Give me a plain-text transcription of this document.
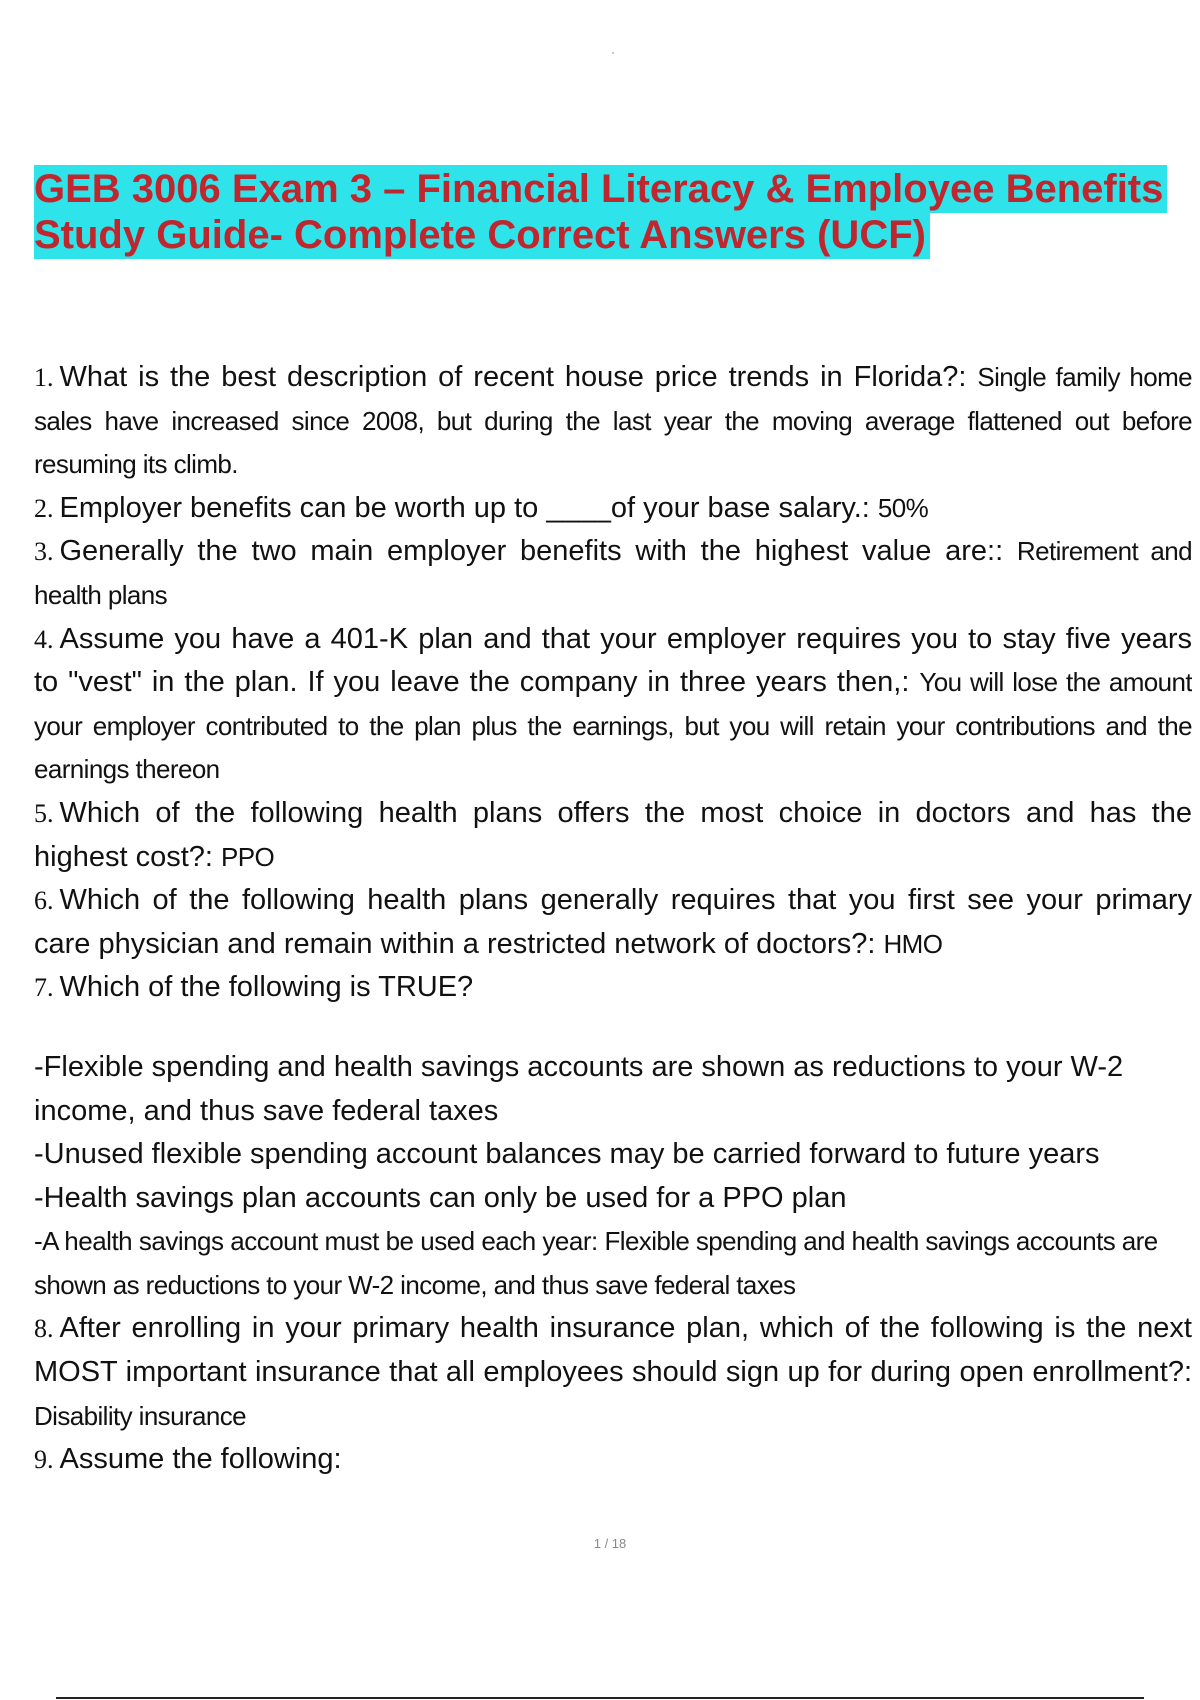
GEB 3006 Exam 3 – Financial Literacy & Employee Benefits
Study Guide- Complete Correct Answers (UCF)

1. What is the best description of recent house price trends in Florida?: Single family home sales have increased since 2008, but during the last year the moving average flattened out before resuming its climb.

2. Employer benefits can be worth up to ____of your base salary.: 50%

3. Generally the two main employer benefits with the highest value are:: Retirement and health plans

4. Assume you have a 401-K plan and that your employer requires you to stay five years to "vest" in the plan. If you leave the company in three years then,: You will lose the amount your employer contributed to the plan plus the earnings, but you will retain your contributions and the earnings thereon

5. Which of the following health plans offers the most choice in doctors and has the highest cost?: PPO

6. Which of the following health plans generally requires that you first see your primary care physician and remain within a restricted network of doctors?: HMO

7. Which of the following is TRUE?

-Flexible spending and health savings accounts are shown as reductions to your W-2 income, and thus save federal taxes

-Unused flexible spending account balances may be carried forward to future years

-Health savings plan accounts can only be used for a PPO plan

-A health savings account must be used each year: Flexible spending and health savings accounts are shown as reductions to your W-2 income, and thus save federal taxes

8. After enrolling in your primary health insurance plan, which of the following is the next MOST important insurance that all employees should sign up for during open enrollment?: Disability insurance

9. Assume the following:

1 / 18
